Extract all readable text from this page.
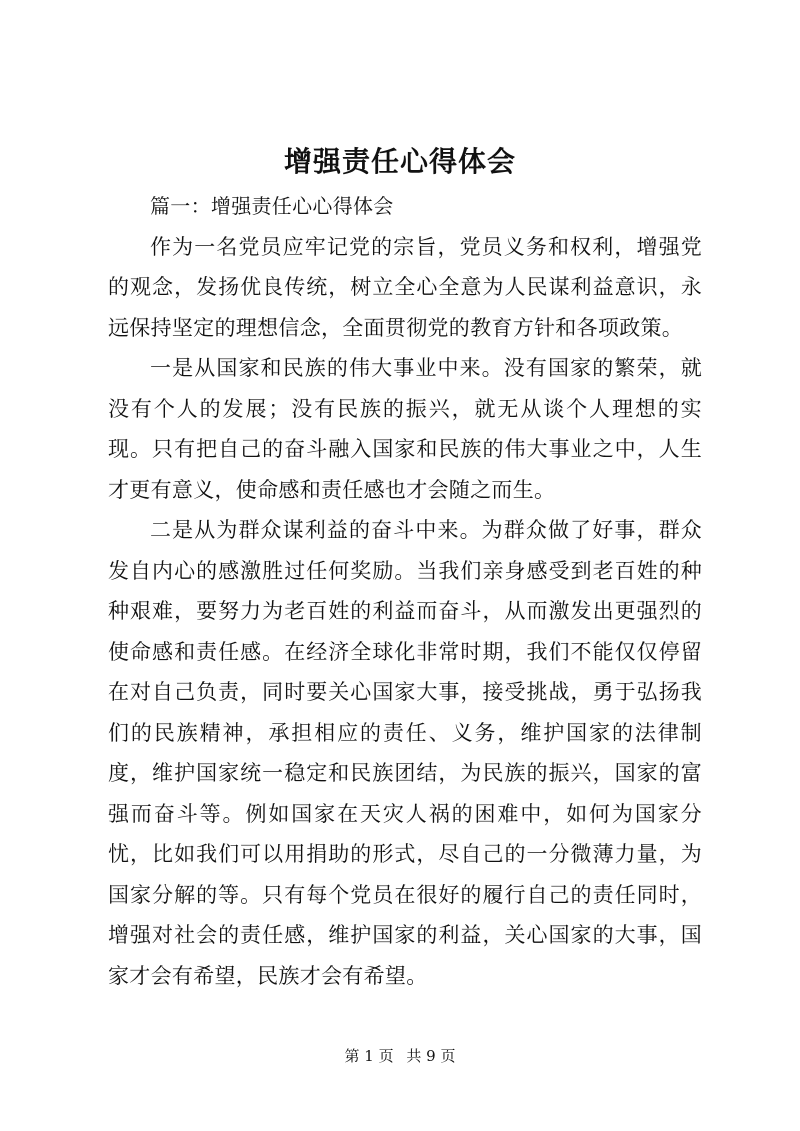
增强责任心得体会

篇一：增强责任心心得体会

作为一名党员应牢记党的宗旨，党员义务和权利，增强党的观念，发扬优良传统，树立全心全意为人民谋利益意识，永远保持坚定的理想信念，全面贯彻党的教育方针和各项政策。

一是从国家和民族的伟大事业中来。没有国家的繁荣，就没有个人的发展；没有民族的振兴，就无从谈个人理想的实现。只有把自己的奋斗融入国家和民族的伟大事业之中，人生才更有意义，使命感和责任感也才会随之而生。

二是从为群众谋利益的奋斗中来。为群众做了好事，群众发自内心的感激胜过任何奖励。当我们亲身感受到老百姓的种种艰难，要努力为老百姓的利益而奋斗，从而激发出更强烈的使命感和责任感。在经济全球化非常时期，我们不能仅仅停留在对自己负责，同时要关心国家大事，接受挑战，勇于弘扬我们的民族精神，承担相应的责任、义务，维护国家的法律制度，维护国家统一稳定和民族团结，为民族的振兴，国家的富强而奋斗等。例如国家在天灾人祸的困难中，如何为国家分忧，比如我们可以用捐助的形式，尽自己的一分微薄力量，为国家分解的等。只有每个党员在很好的履行自己的责任同时，增强对社会的责任感，维护国家的利益，关心国家的大事，国家才会有希望，民族才会有希望。

第 1 页 共 9 页
